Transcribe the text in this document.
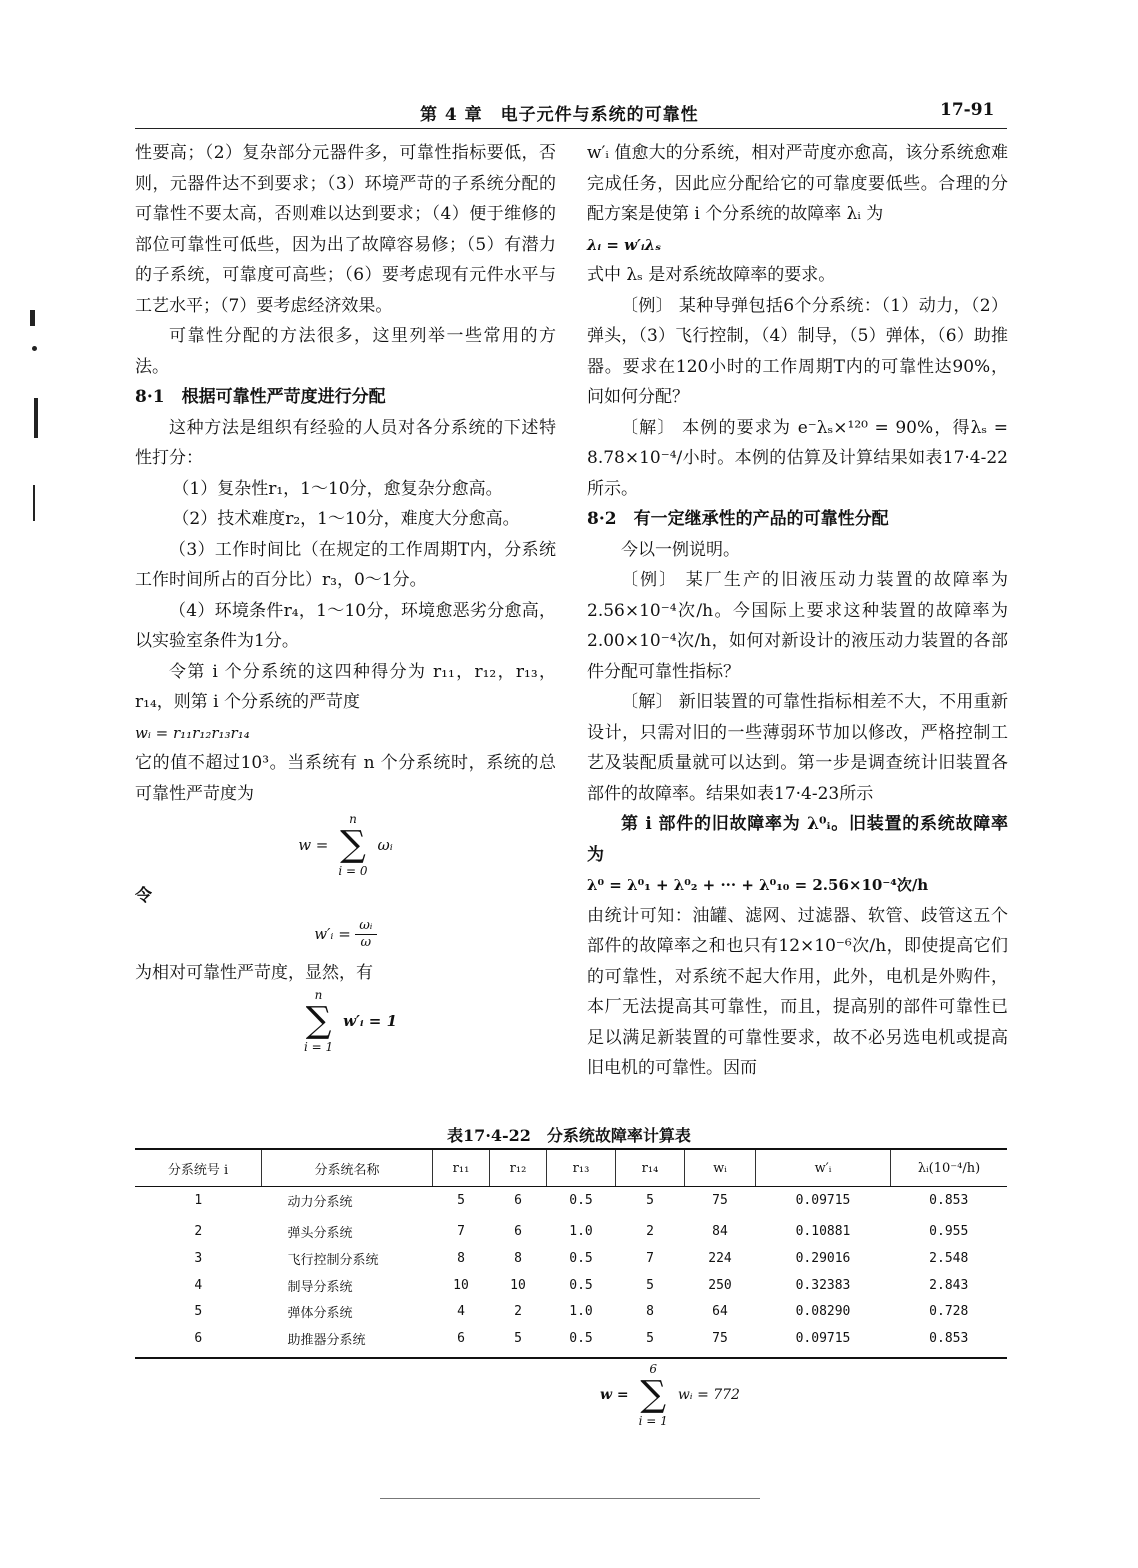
第 4 章　电子元件与系统的可靠性	17-91

性要高；（2）复杂部分元器件多，可靠性指标要低，否则，元器件达不到要求；（3）环境严苛的子系统分配的可靠性不要太高，否则难以达到要求；（4）便于维修的部位可靠性可低些，因为出了故障容易修；（5）有潜力的子系统，可靠度可高些；（6）要考虑现有元件水平与工艺水平；（7）要考虑经济效果。

可靠性分配的方法很多，这里列举一些常用的方法。

8·1　根据可靠性严苛度进行分配

这种方法是组织有经验的人员对各分系统的下述特性打分：

（1）复杂性r₁，1～10分，愈复杂分愈高。

（2）技术难度r₂，1～10分，难度大分愈高。

（3）工作时间比（在规定的工作周期T内，分系统工作时间所占的百分比）r₃，0～1分。

（4）环境条件r₄，1～10分，环境愈恶劣分愈高，以实验室条件为1分。

令第 i 个分系统的这四种得分为 r₁₁，r₁₂，r₁₃，r₁₄，则第 i 个分系统的严苛度

wᵢ = r₁₁r₁₂r₁₃r₁₄

它的值不超过10³。当系统有 n 个分系统时，系统的总可靠性严苛度为

w =
n
∑
i = 0
ωᵢ

令

w′ᵢ = $\frac{\text{ωᵢ}}{\omega}$

为相对可靠性严苛度，显然，有

n
∑
i = 1
w′ᵢ = 1

w′ᵢ 值愈大的分系统，相对严苛度亦愈高，该分系统愈难完成任务，因此应分配给它的可靠度要低些。合理的分配方案是使第 i 个分系统的故障率 λᵢ 为

λᵢ = w′ᵢλₛ

式中 λₛ 是对系统故障率的要求。

〔例〕 某种导弹包括6个分系统：（1）动力，（2）弹头，（3）飞行控制，（4）制导，（5）弹体，（6）助推器。要求在120小时的工作周期T内的可靠性达90%，问如何分配？

〔解〕 本例的要求为 e⁻λₛ×¹²⁰ = 90%，得λₛ = 8.78×10⁻⁴/小时。本例的估算及计算结果如表17·4-22所示。

8·2　有一定继承性的产品的可靠性分配

今以一例说明。

〔例〕 某厂生产的旧液压动力装置的故障率为2.56×10⁻⁴次/h。今国际上要求这种装置的故障率为2.00×10⁻⁴次/h，如何对新设计的液压动力装置的各部件分配可靠性指标？

〔解〕 新旧装置的可靠性指标相差不大，不用重新设计，只需对旧的一些薄弱环节加以修改，严格控制工艺及装配质量就可以达到。第一步是调查统计旧装置各部件的故障率。结果如表17·4-23所示

第 i 部件的旧故障率为 λ⁰ᵢ。旧装置的系统故障率为

λ⁰ = λ⁰₁ + λ⁰₂ + ··· + λ⁰₁₀ = 2.56×10⁻⁴次/h

由统计可知：油罐、滤网、过滤器、软管、歧管这五个部件的故障率之和也只有12×10⁻⁶次/h，即使提高它们的可靠性，对系统不起大作用，此外，电机是外购件，本厂无法提高其可靠性，而且，提高别的部件可靠性已足以满足新装置的可靠性要求，故不必另选电机或提高旧电机的可靠性。因而

表17·4-22　分系统故障率计算表
分系统号 i	分系统名称	r₁₁	r₁₂	r₁₃	r₁₄	wᵢ	w′ᵢ	λᵢ(10⁻⁴/h)
1	动力分系统	5	6	0.5	5	75	0.09715	0.853
2	弹头分系统	7	6	1.0	2	84	0.10881	0.955
3	飞行控制分系统	8	8	0.5	7	224	0.29016	2.548
4	制导分系统	10	10	0.5	5	250	0.32383	2.843
5	弹体分系统	4	2	1.0	8	64	0.08290	0.728
6	助推器分系统	6	5	0.5	5	75	0.09715	0.853
w =
6
∑
i = 1
wᵢ = 772
